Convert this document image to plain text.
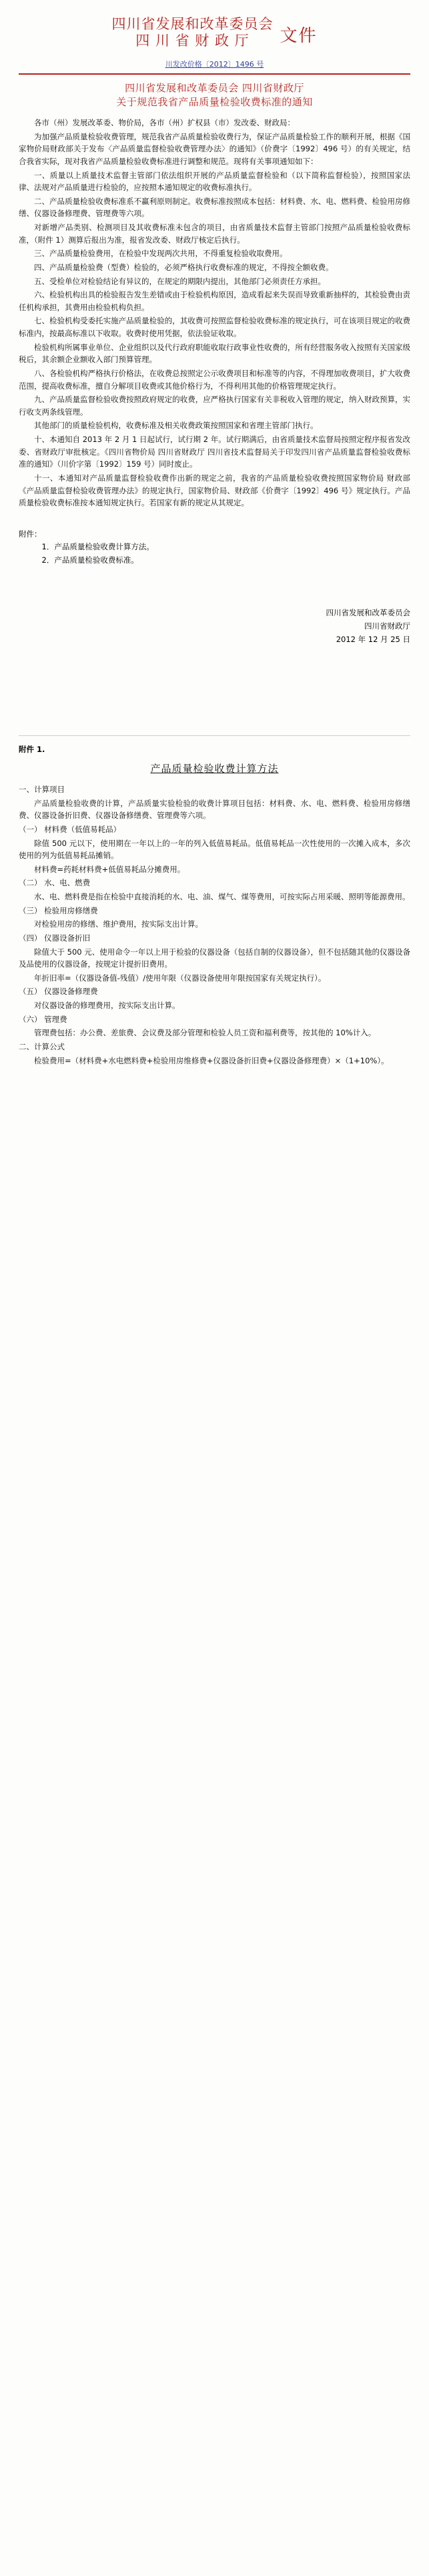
四川省发展和改革委员会
四 川 省 财 政 厅 文件
川发改价格〔2012〕1496 号
四川省发展和改革委员会 四川省财政厅
关于规范我省产品质量检验收费标准的通知

各市（州）发展改革委、物价局，各市（州）扩权县（市）发改委、财政局：

为加强产品质量检验收费管理，规范我省产品质量检验收费行为，保证产品质量检验工作的顺利开展，根据《国家物价局财政部关于发布〈产品质量监督检验收费管理办法〉的通知》（价费字〔1992〕496 号）的有关规定，结合我省实际，现对我省产品质量检验收费标准进行调整和规范。现将有关事项通知如下：

一、质量以上质量技术监督主管部门依法组织开展的产品质量监督检验和（以下简称监督检验），按照国家法律、法规对产品质量进行检验的，应按照本通知规定的收费标准执行。

二、产品质量检验收费标准系不赢利原则制定。收费标准按照成本包括：材料费、水、电、燃料费、检验用房修缮、仪器设备修理费、管理费等六项。

对新增产品类别、检测项目及其收费标准未包含的项目，由省质量技术监督主管部门按照产品质量检验收费标准，（附件 1）测算后报出为准，报省发改委、财政厅核定后执行。

三、产品质量检验费用，在检验中发现两次共用，不得重复检验收取费用。

四、产品质量检验费（型费）检验的，必须严格执行收费标准的规定，不得按全额收费。

五、受检单位对检验结论有异议的，在规定的期限内提出，其他部门必须责任方承担。

六、检验机构出具的检验报告发生差错或由于检验机构原因，造成看起来失误而导致重新抽样的，其检验费由责任机构承担，其费用由检验机构负担。

七、检验机构受委托实施产品质量检验的，其收费可按照监督检验收费标准的规定执行，可在该项目规定的收费标准内，按最高标准以下收取。收费时使用凭据，依法验证收取。

检验机构所属事业单位、企业组织以及代行政府职能收取行政事业性收费的，所有经营服务收入按照有关国家级税后，其余额企业额收入部门预算管理。

八、各检验机构严格执行价格法，在收费总按照定公示收费项目和标准等的内容，不得理加收费项目，扩大收费范围，提高收费标准，擅自分解项目收费或其他价格行为，不得利用其他的价格管理规定执行。

九、产品质量监督检验收费按照政府规定的收费，应严格执行国家有关非税收入管理的规定，纳入财政预算，实行收支两条线管理。

其他部门的质量检验机构，收费标准及相关收费政策按照国家和省理主管部门执行。

十、本通知自 2013 年 2 月 1 日起试行，试行期 2 年。试行期满后，由省质量技术监督局按照定程序报省发改委、省财政厅审批核定。《四川省物价局 四川省财政厅 四川省技术监督局关于印发四川省产品质量监督检验收费标准的通知》（川价字第〔1992〕159 号）同时废止。

十一、本通知对产品质量监督检验收费作出新的规定之前，我省的产品质量检验收费按照国家物价局 财政部《产品质量监督检验收费管理办法》的规定执行，国家物价局、财政部《价费字〔1992〕496 号》规定执行。产品质量检验收费标准按本通知规定执行。若国家有新的规定从其规定。

附件：

1．产品质量检验收费计算方法。

2．产品质量检验收费标准。

四川省发展和改革委员会

四川省财政厅

2012 年 12 月 25 日

附件 1.

产品质量检验收费计算方法

一、计算项目

产品质量检验收费的计算，产品质量实验检验的收费计算项目包括：材料费、水、电、燃料费、检验用房修缮费、仪器设备折旧费、仪器设备修缮费、管理费等六项。

（一） 材料费（低值易耗品）

除值 500 元以下，使用期在一年以上的一年的列入低值易耗品。低值易耗品一次性使用的一次摊入成本，多次使用的列为低值易耗品摊销。

材料费=药耗材料费+低值易耗品分摊费用。

（二） 水、电、燃费

水、电、燃料费是指在检验中直接消耗的水、电、油、煤气、煤等费用，可按实际占用采暖、照明等能源费用。

（三） 检验用房修缮费

对检验用房的修缮、维护费用，按实际支出计算。

（四） 仪器设备折旧

除值大于 500 元、使用命令一年以上用于检验的仪器设备（包括自制的仪器设备），但不包括随其他的仪器设备及品使用的仪器设备，按规定计提折旧费用。

年折旧率=（仪器设备值-残值）/使用年限（仪器设备使用年限按国家有关规定执行）。

（五） 仪器设备修理费

对仪器设备的修理费用，按实际支出计算。

（六） 管理费

管理费包括：办公费、差旅费、会议费及部分管理和检验人员工资和福利费等，按其他的 10%计入。

二、计算公式

检验费用=（材料费+水电燃料费+检验用房维修费+仪器设备折旧费+仪器设备修理费）×（1+10%）。
